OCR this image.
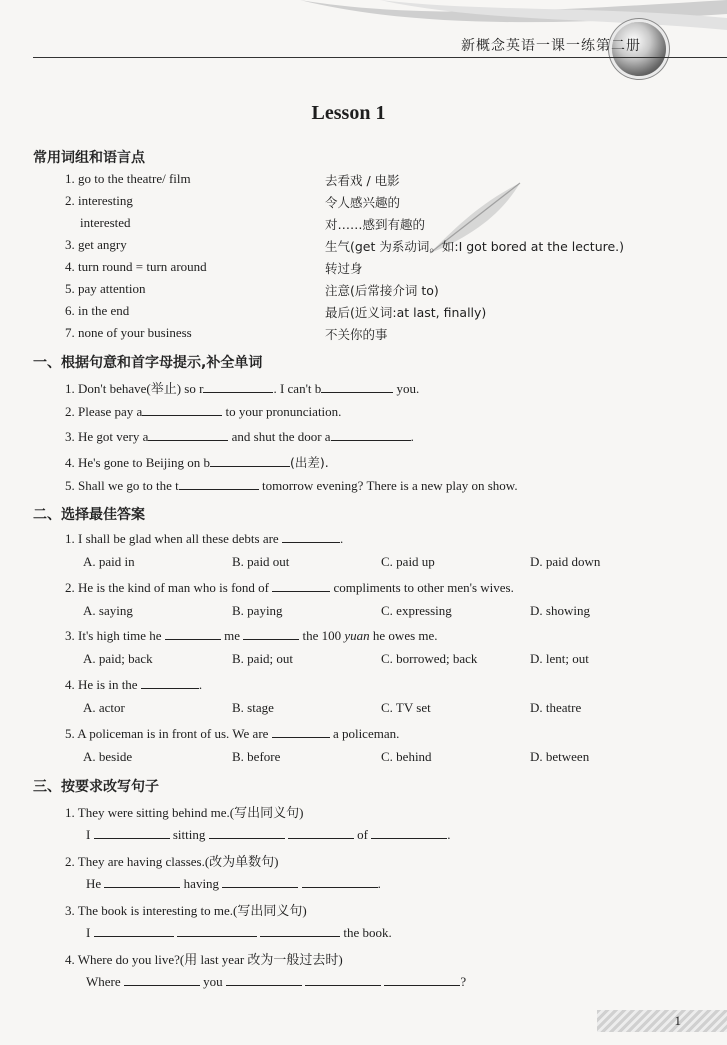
新概念英语一课一练第二册
Lesson 1
常用词组和语言点
1. go to the theatre/ film	去看戏 / 电影
2. interesting	令人感兴趣的
interested	对……感到有趣的
3. get angry	生气(get 为系动词。如:I got bored at the lecture.)
4. turn round = turn around	转过身
5. pay attention	注意(后常接介词 to)
6. in the end	最后(近义词:at last, finally)
7. none of your business	不关你的事
一、根据句意和首字母提示,补全单词
1. Don't behave(举止) so r	. I can't b	you.
2. Please pay a	to your pronunciation.
3. He got very a	and shut the door a	.
4. He's gone to Beijing on b	(出差).
5. Shall we go to the t	tomorrow evening? There is a new play on show.
二、选择最佳答案
1. I shall be glad when all these debts are	.
A. paid in	B. paid out	C. paid up	D. paid down
2. He is the kind of man who is fond of	compliments to other men's wives.
A. saying	B. paying	C. expressing	D. showing
3. It's high time he	me	the 100 yuan he owes me.
A. paid; back	B. paid; out	C. borrowed; back	D. lent; out
4. He is in the	.
A. actor	B. stage	C. TV set	D. theatre
5. A policeman is in front of us. We are	a policeman.
A. beside	B. before	C. behind	D. between
三、按要求改写句子
1. They were sitting behind me.(写出同义句)
I	sitting	of	.
2. They are having classes.(改为单数句)
He	having	.
3. The book is interesting to me.(写出同义句)
I	the book.
4. Where do you live?(用 last year 改为一般过去时)
Where	you	?
1
